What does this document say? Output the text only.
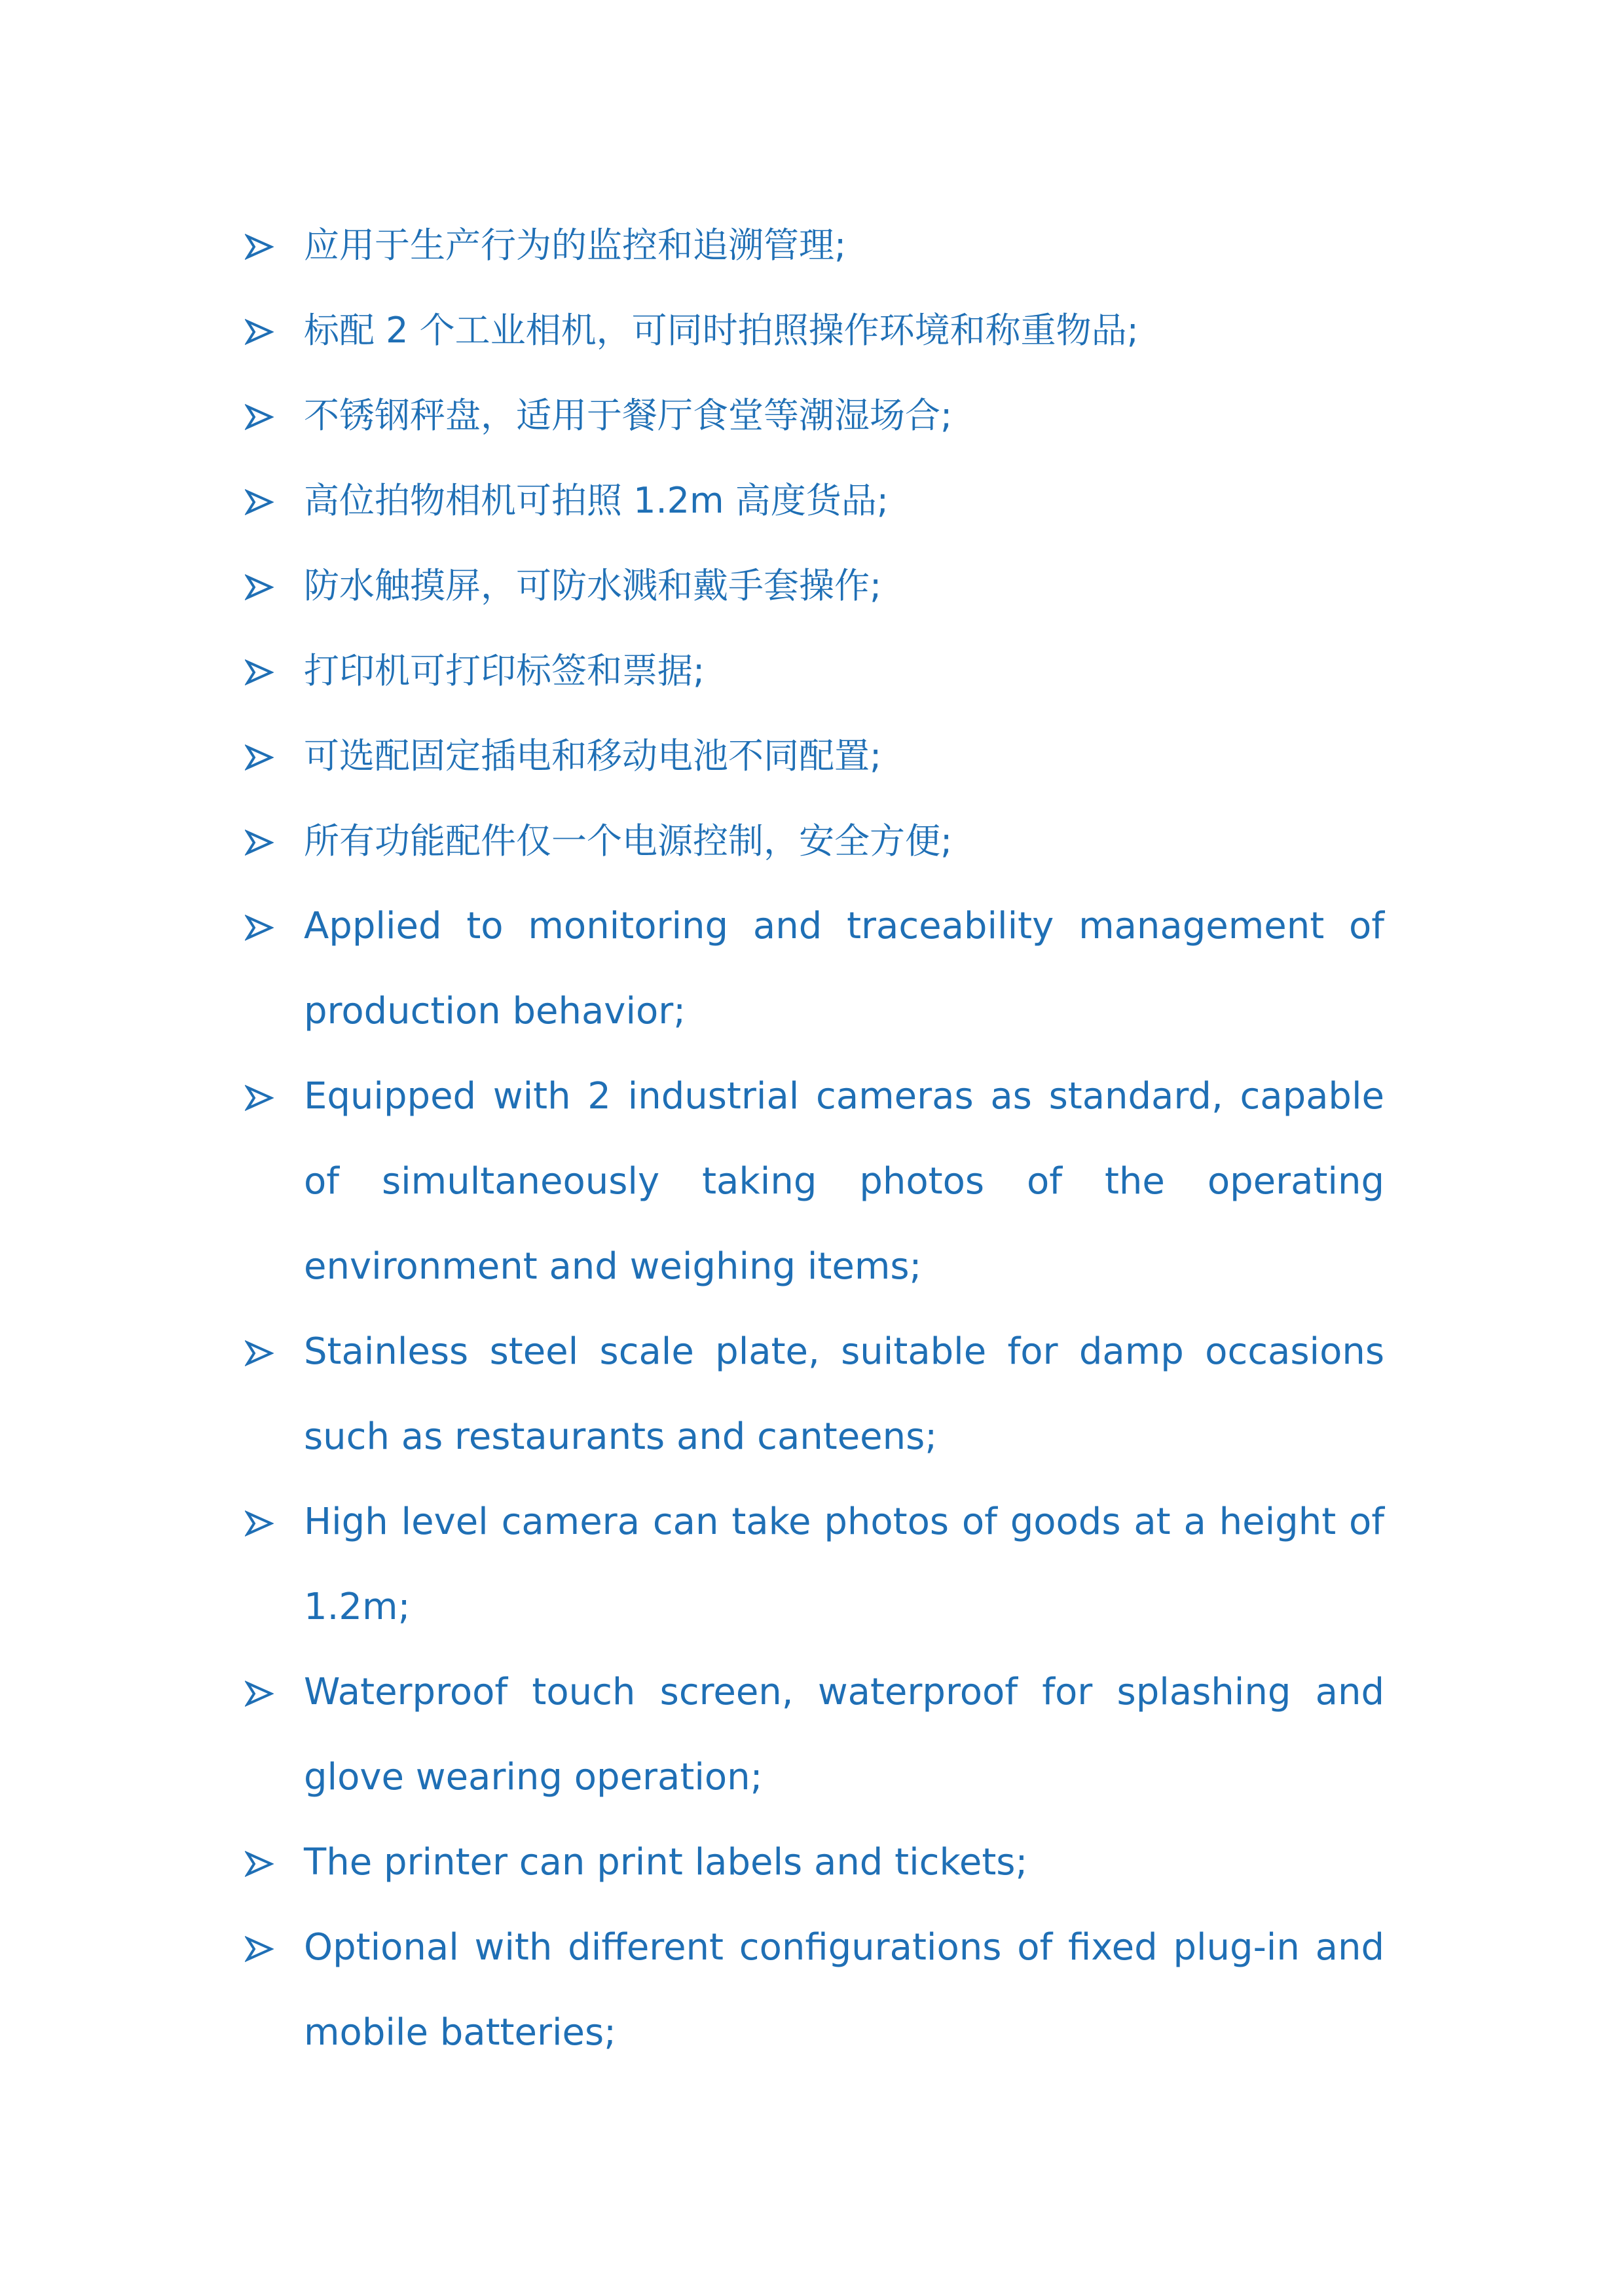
应用于生产行为的监控和追溯管理;
标配 2 个工业相机，可同时拍照操作环境和称重物品;
不锈钢秤盘，适用于餐厅食堂等潮湿场合;
高位拍物相机可拍照 1.2m 高度货品;
防水触摸屏，可防水溅和戴手套操作;
打印机可打印标签和票据;
可选配固定插电和移动电池不同配置;
所有功能配件仅一个电源控制，安全方便;
Applied to monitoring and traceability management of production behavior;
Equipped with 2 industrial cameras as standard, capable of simultaneously taking photos of the operating environment and weighing items;
Stainless steel scale plate, suitable for damp occasions such as restaurants and canteens;
High level camera can take photos of goods at a height of 1.2m;
Waterproof touch screen, waterproof for splashing and glove wearing operation;
The printer can print labels and tickets;
Optional with different configurations of fixed plug-in and mobile batteries;
